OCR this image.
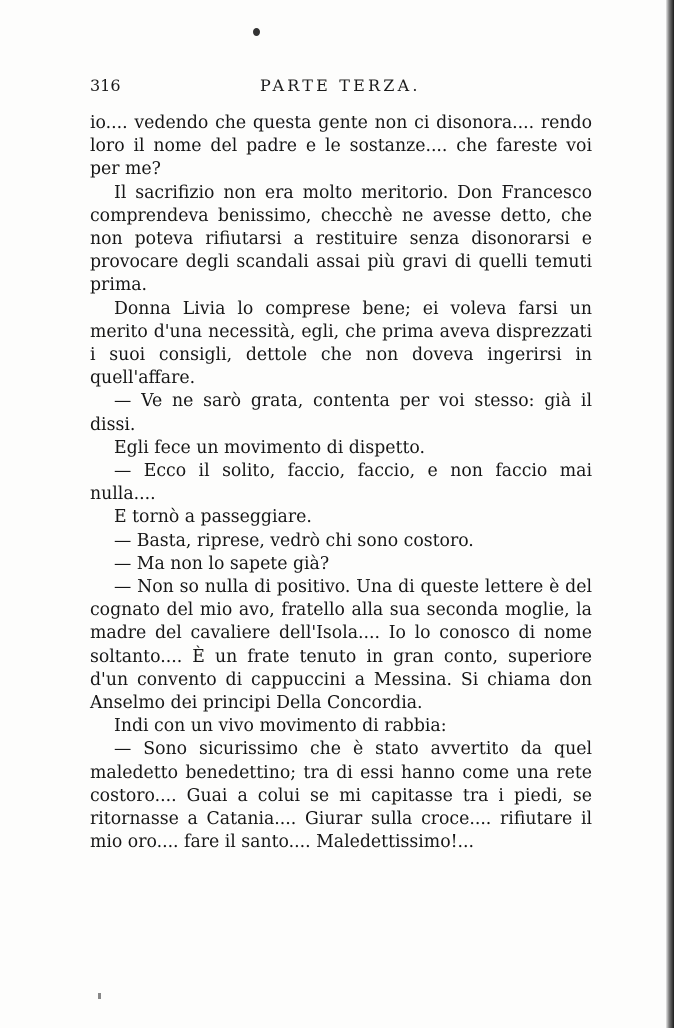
316	PARTE TERZA.

io.... vedendo che questa gente non ci disonora.... rendo loro il nome del padre e le sostanze.... che fareste voi per me?

Il sacrifizio non era molto meritorio. Don Francesco comprendeva benissimo, checchè ne avesse detto, che non poteva rifiutarsi a restituire senza disonorarsi e provocare degli scandali assai più gravi di quelli temuti prima.

Donna Livia lo comprese bene; ei voleva farsi un merito d'una necessità, egli, che prima aveva disprezzati i suoi consigli, dettole che non doveva ingerirsi in quell'affare.

— Ve ne sarò grata, contenta per voi stesso: già il dissi.

Egli fece un movimento di dispetto.

— Ecco il solito, faccio, faccio, e non faccio mai nulla....

E tornò a passeggiare.

— Basta, riprese, vedrò chi sono costoro.

— Ma non lo sapete già?

— Non so nulla di positivo. Una di queste lettere è del cognato del mio avo, fratello alla sua seconda moglie, la madre del cavaliere dell'Isola.... Io lo conosco di nome soltanto.... È un frate tenuto in gran conto, superiore d'un convento di cappuccini a Messina. Si chiama don Anselmo dei principi Della Concordia.

Indi con un vivo movimento di rabbia:

— Sono sicurissimo che è stato avvertito da quel maledetto benedettino; tra di essi hanno come una rete costoro.... Guai a colui se mi capitasse tra i piedi, se ritornasse a Catania.... Giurar sulla croce.... rifiutare il mio oro.... fare il santo.... Maledettissimo!...
